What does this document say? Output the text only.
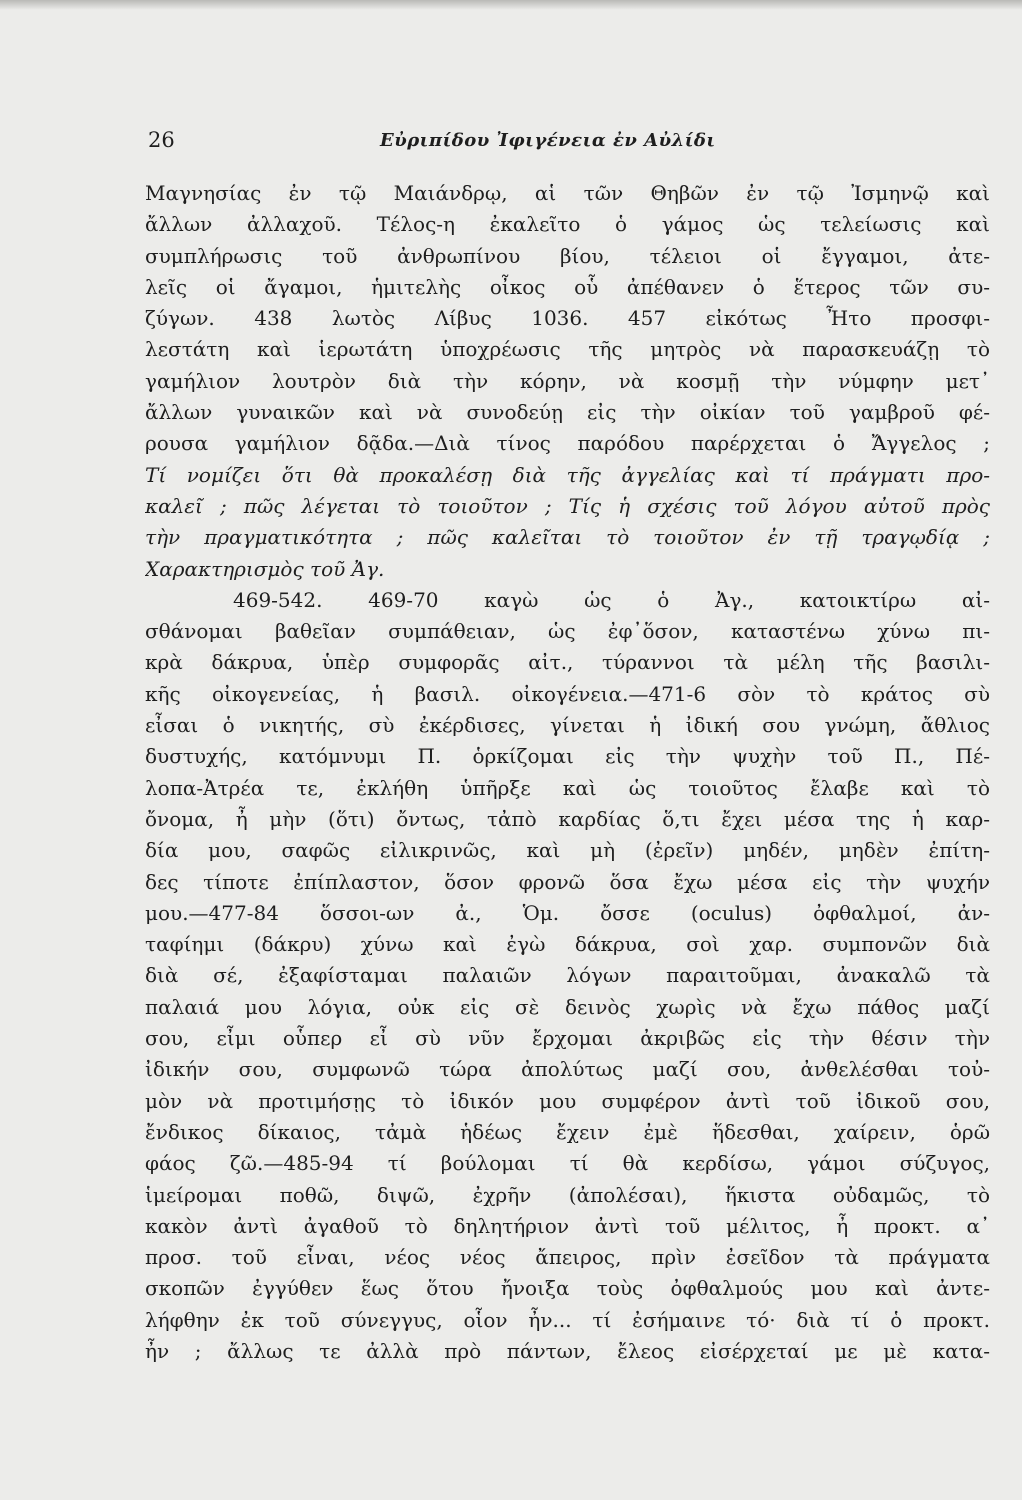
26	Εὐριπίδου Ἰφιγένεια ἐν Αὐλίδι
Μαγνησίας ἐν τῷ Μαιάνδρῳ, αἱ τῶν Θηβῶν ἐν τῷ Ἰσμηνῷ καὶ
ἄλλων ἀλλαχοῦ. Τέλος-η ἐκαλεῖτο ὁ γάμος ὡς τελείωσις καὶ
συμπλήρωσις τοῦ ἀνθρωπίνου βίου, τέλειοι οἱ ἔγγαμοι, ἀτε-
λεῖς οἱ ἄγαμοι, ἡμιτελὴς οἶκος οὗ ἀπέθανεν ὁ ἕτερος τῶν συ-
ζύγων. 438 λωτὸς Λίβυς 1036. 457 εἰκότως Ἦτο προσφι-
λεστάτη καὶ ἱερωτάτη ὑποχρέωσις τῆς μητρὸς νὰ παρασκευάζῃ τὸ
γαμήλιον λουτρὸν διὰ τὴν κόρην, νὰ κοσμῇ τὴν νύμφην μετ᾿
ἄλλων γυναικῶν καὶ νὰ συνοδεύῃ εἰς τὴν οἰκίαν τοῦ γαμβροῦ φέ-
ρουσα γαμήλιον δᾷδα.—Διὰ τίνος παρόδου παρέρχεται ὁ Ἄγγελος ;
Τί νομίζει ὅτι θὰ προκαλέσῃ διὰ τῆς ἀγγελίας καὶ τί πράγματι προ-
καλεῖ ; πῶς λέγεται τὸ τοιοῦτον ; Τίς ἡ σχέσις τοῦ λόγου αὐτοῦ πρὸς
τὴν πραγματικότητα ; πῶς καλεῖται τὸ τοιοῦτον ἐν τῇ τραγῳδίᾳ ;
Χαρακτηρισμὸς τοῦ Ἀγ.
469-542. 469-70 καγὼ ὡς ὁ Ἀγ., κατοικτίρω αἰ-
σθάνομαι βαθεῖαν συμπάθειαν, ὡς ἐφ᾿ὅσον, καταστένω χύνω πι-
κρὰ δάκρυα, ὑπὲρ συμφορᾶς αἰτ., τύραννοι τὰ μέλη τῆς βασιλι-
κῆς οἰκογενείας, ἡ βασιλ. οἰκογένεια.—471-6 σὸν τὸ κράτος σὺ
εἶσαι ὁ νικητής, σὺ ἐκέρδισες, γίνεται ἡ ἰδική σου γνώμη, ἄθλιος
δυστυχής, κατόμνυμι Π. ὁρκίζομαι εἰς τὴν ψυχὴν τοῦ Π., Πέ-
λοπα-Ἀτρέα τε, ἐκλήθη ὑπῆρξε καὶ ὡς τοιοῦτος ἔλαβε καὶ τὸ
ὄνομα, ἦ μὴν (ὅτι) ὄντως, τἀπὸ καρδίας ὅ,τι ἔχει μέσα της ἡ καρ-
δία μου, σαφῶς εἰλικρινῶς, καὶ μὴ (ἐρεῖν) μηδέν, μηδὲν ἐπίτη-
δες τίποτε ἐπίπλαστον, ὅσον φρονῶ ὅσα ἔχω μέσα εἰς τὴν ψυχήν
μου.—477-84 ὅσσοι-ων ἀ., Ὁμ. ὄσσε (oculus) ὀφθαλμοί, ἀν-
ταφίημι (δάκρυ) χύνω καὶ ἐγὼ δάκρυα, σοὶ χαρ. συμπονῶν διὰ
διὰ σέ, ἐξαφίσταμαι παλαιῶν λόγων παραιτοῦμαι, ἀνακαλῶ τὰ
παλαιά μου λόγια, οὐκ εἰς σὲ δεινὸς χωρὶς νὰ ἔχω πάθος μαζί
σου, εἶμι οὗπερ εἶ σὺ νῦν ἔρχομαι ἀκριβῶς εἰς τὴν θέσιν τὴν
ἰδικήν σου, συμφωνῶ τώρα ἀπολύτως μαζί σου, ἀνθελέσθαι τοὐ-
μὸν νὰ προτιμήσῃς τὸ ἰδικόν μου συμφέρον ἀντὶ τοῦ ἰδικοῦ σου,
ἔνδικος δίκαιος, τἀμὰ ἡδέως ἔχειν ἐμὲ ἥδεσθαι, χαίρειν, ὁρῶ
φάος ζῶ.—485-94 τί βούλομαι τί θὰ κερδίσω, γάμοι σύζυγος,
ἱμείρομαι ποθῶ, διψῶ, ἐχρῆν (ἀπολέσαι), ἥκιστα οὐδαμῶς, τὸ
κακὸν ἀντὶ ἀγαθοῦ τὸ δηλητήριον ἀντὶ τοῦ μέλιτος, ἦ προκτ. α᾿
προσ. τοῦ εἶναι, νέος νέος ἄπειρος, πρὶν ἐσεῖδον τὰ πράγματα
σκοπῶν ἐγγύθεν ἕως ὅτου ἤνοιξα τοὺς ὀφθαλμούς μου καὶ ἀντε-
λήφθην ἐκ τοῦ σύνεγγυς, οἷον ἦν... τί ἐσήμαινε τό· διὰ τί ὁ προκτ.
ἦν ; ἄλλως τε ἀλλὰ πρὸ πάντων, ἔλεος εἰσέρχεταί με μὲ κατα-
